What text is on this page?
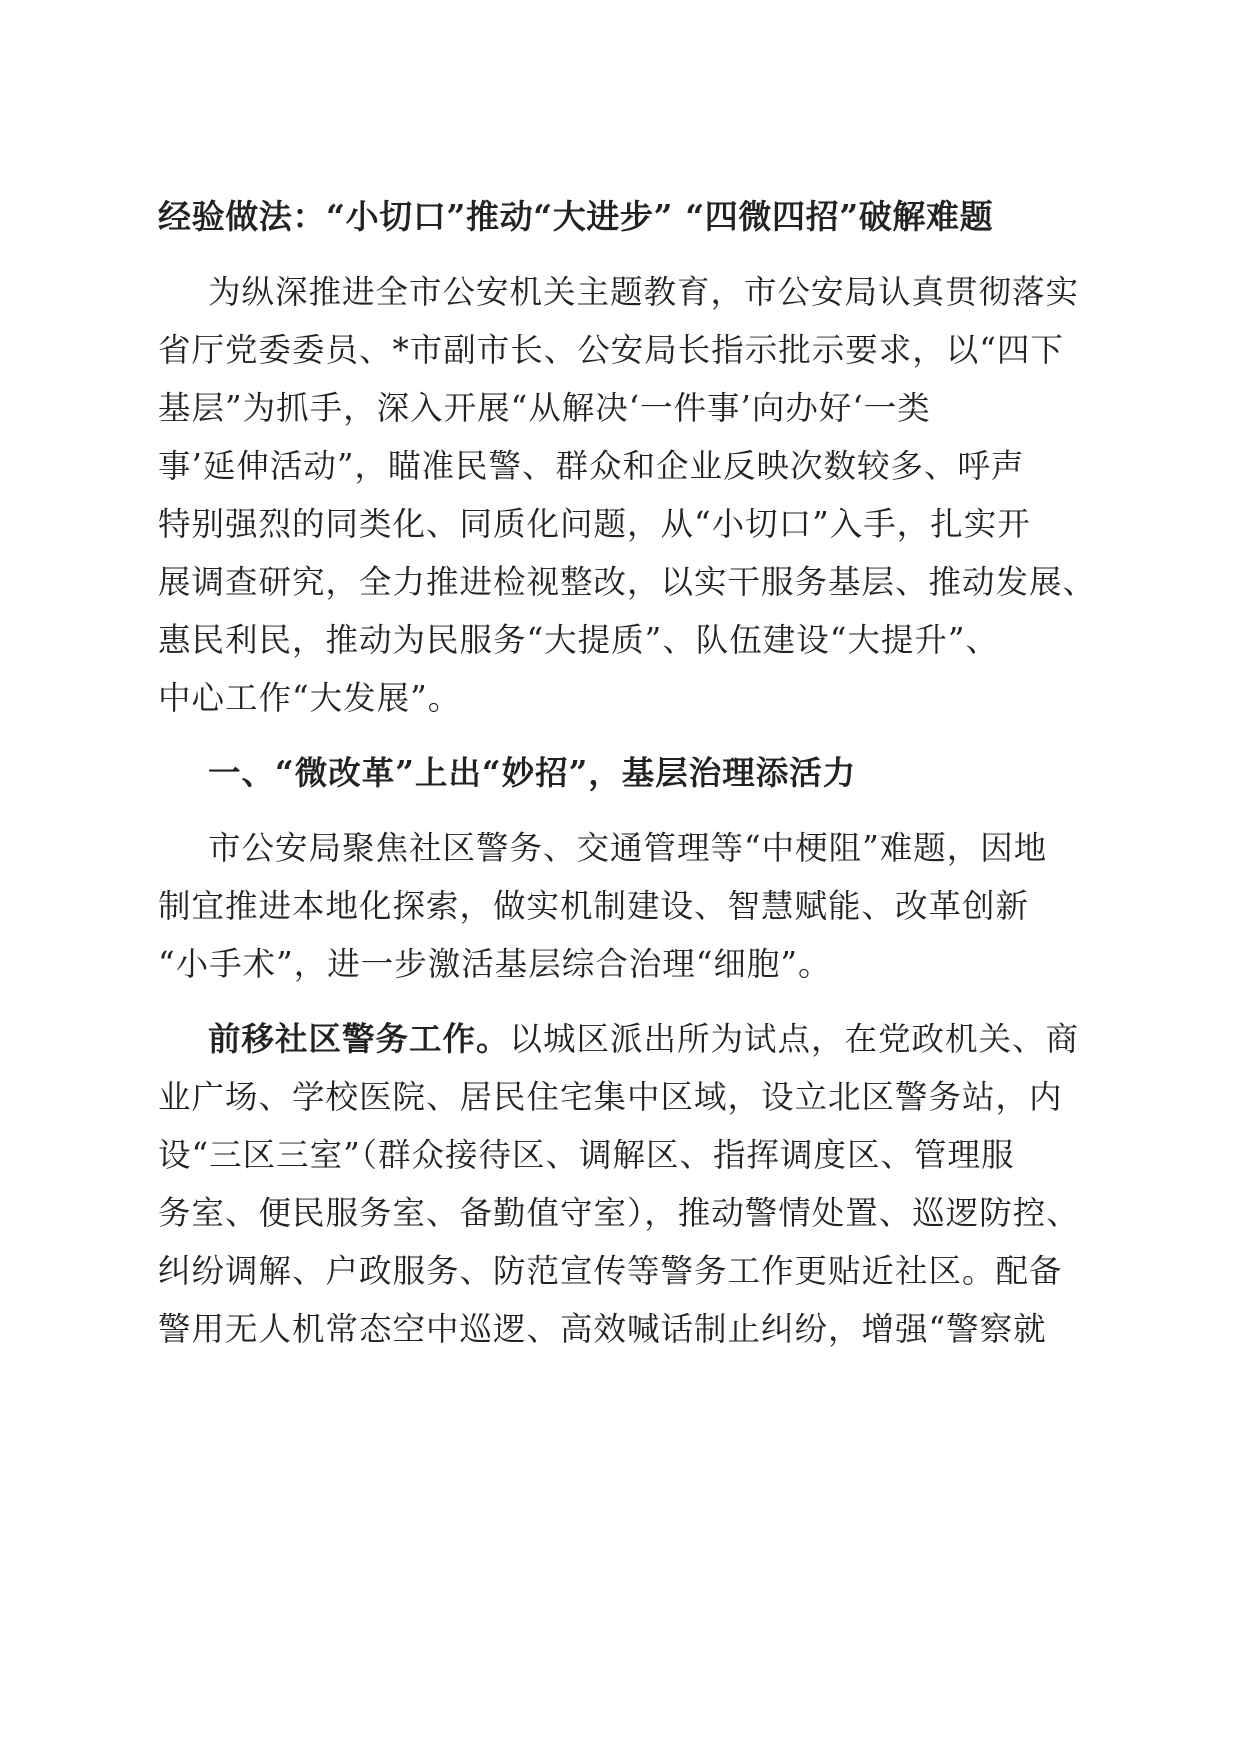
经验做法：“小切口”推动“大进步” “四微四招”破解难题

为纵深推进全市公安机关主题教育，市公安局认真贯彻落实

省厅党委委员、*市副市长、公安局长指示批示要求，以“四下

基层”为抓手，深入开展“从解决‘一件事’向办好‘一类

事’延伸活动”，瞄准民警、群众和企业反映次数较多、呼声

特别强烈的同类化、同质化问题，从“小切口”入手，扎实开

展调查研究，全力推进检视整改，以实干服务基层、推动发展、

惠民利民，推动为民服务“大提质”、队伍建设“大提升”、

中心工作“大发展”。

一、“微改革”上出“妙招”，基层治理添活力

市公安局聚焦社区警务、交通管理等“中梗阻”难题，因地

制宜推进本地化探索，做实机制建设、智慧赋能、改革创新

“小手术”，进一步激活基层综合治理“细胞”。

前移社区警务工作。以城区派出所为试点，在党政机关、商

业广场、学校医院、居民住宅集中区域，设立北区警务站，内

设“三区三室”（群众接待区、调解区、指挥调度区、管理服

务室、便民服务室、备勤值守室），推动警情处置、巡逻防控、

纠纷调解、户政服务、防范宣传等警务工作更贴近社区。配备

警用无人机常态空中巡逻、高效喊话制止纠纷，增强“警察就
